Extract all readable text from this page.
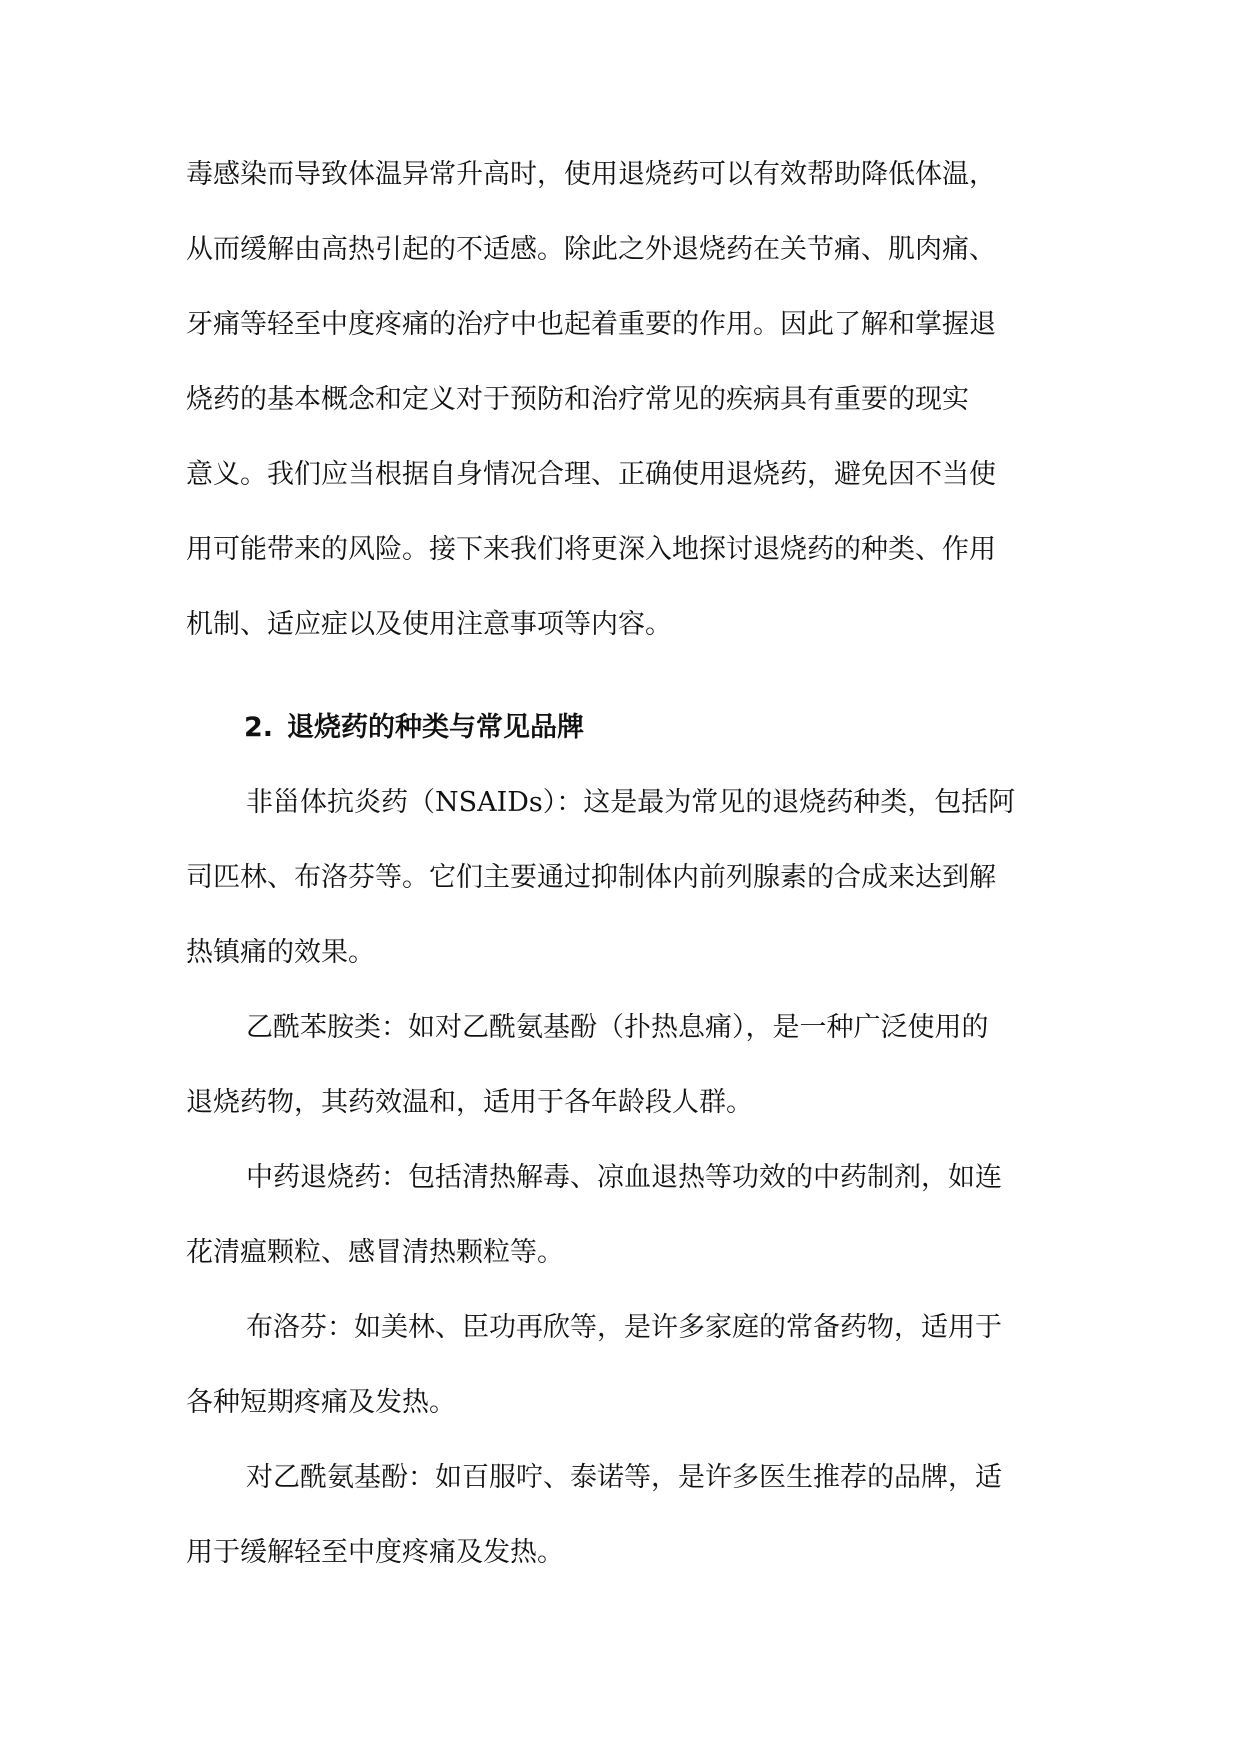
毒感染而导致体温异常升高时，使用退烧药可以有效帮助降低体温，
从而缓解由高热引起的不适感。除此之外退烧药在关节痛、肌肉痛、
牙痛等轻至中度疼痛的治疗中也起着重要的作用。因此了解和掌握退
烧药的基本概念和定义对于预防和治疗常见的疾病具有重要的现实
意义。我们应当根据自身情况合理、正确使用退烧药，避免因不当使
用可能带来的风险。接下来我们将更深入地探讨退烧药的种类、作用
机制、适应症以及使用注意事项等内容。
2. 退烧药的种类与常见品牌
非甾体抗炎药（NSAIDs）：这是最为常见的退烧药种类，包括阿
司匹林、布洛芬等。它们主要通过抑制体内前列腺素的合成来达到解
热镇痛的效果。
乙酰苯胺类：如对乙酰氨基酚（扑热息痛），是一种广泛使用的
退烧药物，其药效温和，适用于各年龄段人群。
中药退烧药：包括清热解毒、凉血退热等功效的中药制剂，如连
花清瘟颗粒、感冒清热颗粒等。
布洛芬：如美林、臣功再欣等，是许多家庭的常备药物，适用于
各种短期疼痛及发热。
对乙酰氨基酚：如百服咛、泰诺等，是许多医生推荐的品牌，适
用于缓解轻至中度疼痛及发热。
